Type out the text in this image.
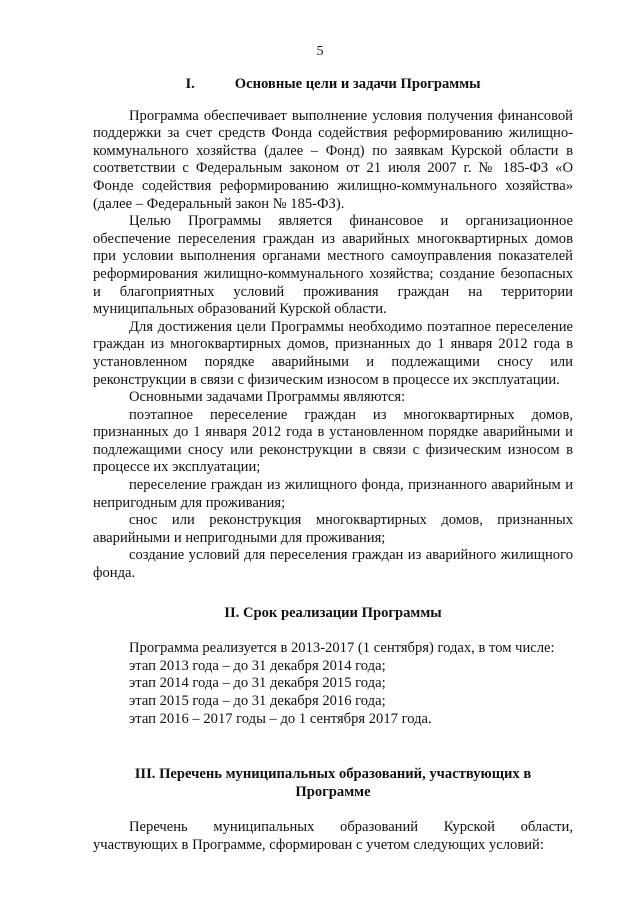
5

I.	Основные цели и задачи Программы

Программа обеспечивает выполнение условия получения финансовой поддержки за счет средств Фонда содействия реформированию жилищно-коммунального хозяйства (далее – Фонд) по заявкам Курской области в соответствии с Федеральным законом от 21 июля 2007 г. № 185-ФЗ «О Фонде содействия реформированию жилищно-коммунального хозяйства» (далее – Федеральный закон № 185-ФЗ).

Целью Программы является финансовое и организационное обеспечение переселения граждан из аварийных многоквартирных домов при условии выполнения органами местного самоуправления показателей реформирования жилищно-коммунального хозяйства; создание безопасных и благоприятных условий проживания граждан на территории муниципальных образований Курской области.

Для достижения цели Программы необходимо поэтапное переселение граждан из многоквартирных домов, признанных до 1 января 2012 года в установленном порядке аварийными и подлежащими сносу или реконструкции в связи с физическим износом в процессе их эксплуатации.

Основными задачами Программы являются:

поэтапное переселение граждан из многоквартирных домов, признанных до 1 января 2012 года в установленном порядке аварийными и подлежащими сносу или реконструкции в связи с физическим износом в процессе их эксплуатации;

переселение граждан из жилищного фонда, признанного аварийным и непригодным для проживания;

снос или реконструкция многоквартирных домов, признанных аварийными и непригодными для проживания;

создание условий для переселения граждан из аварийного жилищного фонда.

II. Срок реализации Программы

Программа реализуется в 2013-2017 (1 сентября) годах, в том числе:

этап 2013 года – до 31 декабря 2014 года;

этап 2014 года – до 31 декабря 2015 года;

этап 2015 года – до 31 декабря 2016 года;

этап 2016 – 2017 годы – до 1 сентября 2017 года.

III. Перечень муниципальных образований, участвующих в
Программе

Перечень муниципальных образований Курской области, участвующих в Программе, сформирован с учетом следующих условий:
